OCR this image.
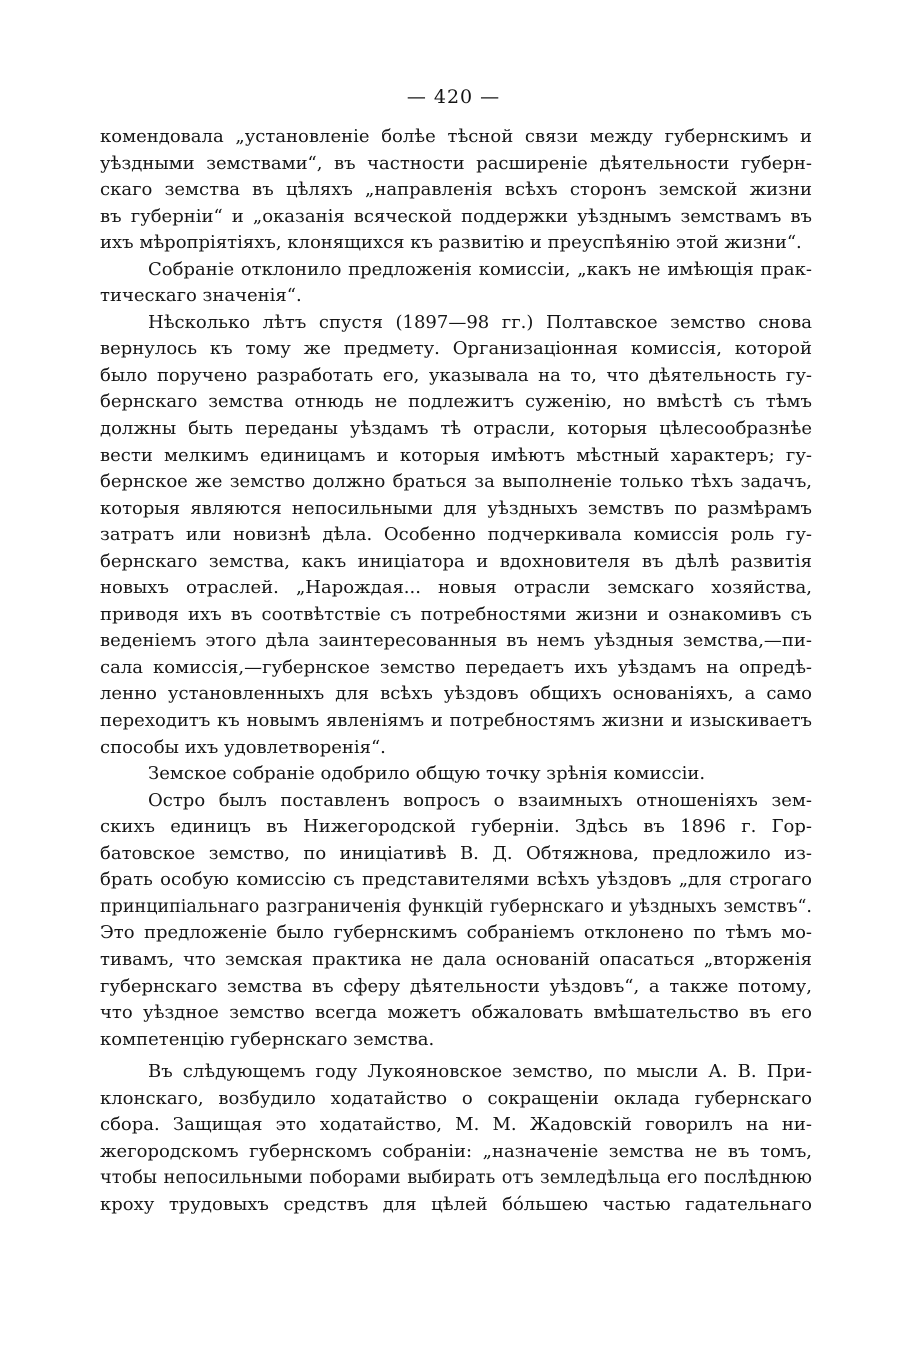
— 420 —
комендовала „установленіе болѣе тѣсной связи между губернскимъ и
уѣздными земствами“, въ частности расширеніе дѣятельности губерн-
скаго земства въ цѣляхъ „направленія всѣхъ сторонъ земской жизни
въ губерніи“ и „оказанія всяческой поддержки уѣзднымъ земствамъ въ
ихъ мѣропріятіяхъ, клонящихся къ развитію и преуспѣянію этой жизни“.
Собраніе отклонило предложенія комиссіи, „какъ не имѣющія прак-
тическаго значенія“.
Нѣсколько лѣтъ спустя (1897—98 гг.) Полтавское земство снова
вернулось къ тому же предмету. Организаціонная комиссія, которой
было поручено разработать его, указывала на то, что дѣятельность гу-
бернскаго земства отнюдь не подлежитъ суженію, но вмѣстѣ съ тѣмъ
должны быть переданы уѣздамъ тѣ отрасли, которыя цѣлесообразнѣе
вести мелкимъ единицамъ и которыя имѣютъ мѣстный характеръ; гу-
бернское же земство должно браться за выполненіе только тѣхъ задачъ,
которыя являются непосильными для уѣздныхъ земствъ по размѣрамъ
затратъ или новизнѣ дѣла. Особенно подчеркивала комиссія роль гу-
бернскаго земства, какъ иниціатора и вдохновителя въ дѣлѣ развитія
новыхъ отраслей. „Нарождая... новыя отрасли земскаго хозяйства,
приводя ихъ въ соотвѣтствіе съ потребностями жизни и ознакомивъ съ
веденіемъ этого дѣла заинтересованныя въ немъ уѣздныя земства,—пи-
сала комиссія,—губернское земство передаетъ ихъ уѣздамъ на опредѣ-
ленно установленныхъ для всѣхъ уѣздовъ общихъ основаніяхъ, а само
переходитъ къ новымъ явленіямъ и потребностямъ жизни и изыскиваетъ
способы ихъ удовлетворенія“.
Земское собраніе одобрило общую точку зрѣнія комиссіи.
Остро былъ поставленъ вопросъ о взаимныхъ отношеніяхъ зем-
скихъ единицъ въ Нижегородской губерніи. Здѣсь въ 1896 г. Гор-
батовское земство, по иниціативѣ В. Д. Обтяжнова, предложило из-
брать особую комиссію съ представителями всѣхъ уѣздовъ „для строгаго
принципіальнаго разграниченія функцій губернскаго и уѣздныхъ земствъ“.
Это предложеніе было губернскимъ собраніемъ отклонено по тѣмъ мо-
тивамъ, что земская практика не дала основаній опасаться „вторженія
губернскаго земства въ сферу дѣятельности уѣздовъ“, а также потому,
что уѣздное земство всегда можетъ обжаловать вмѣшательство въ его
компетенцію губернскаго земства.
Въ слѣдующемъ году Лукояновское земство, по мысли А. В. При-
клонскаго, возбудило ходатайство о сокращеніи оклада губернскаго
сбора. Защищая это ходатайство, М. М. Жадовскій говорилъ на ни-
жегородскомъ губернскомъ собраніи: „назначеніе земства не въ томъ,
чтобы непосильными поборами выбирать отъ земледѣльца его послѣднюю
кроху трудовыхъ средствъ для цѣлей бо́льшею частью гадательнаго
